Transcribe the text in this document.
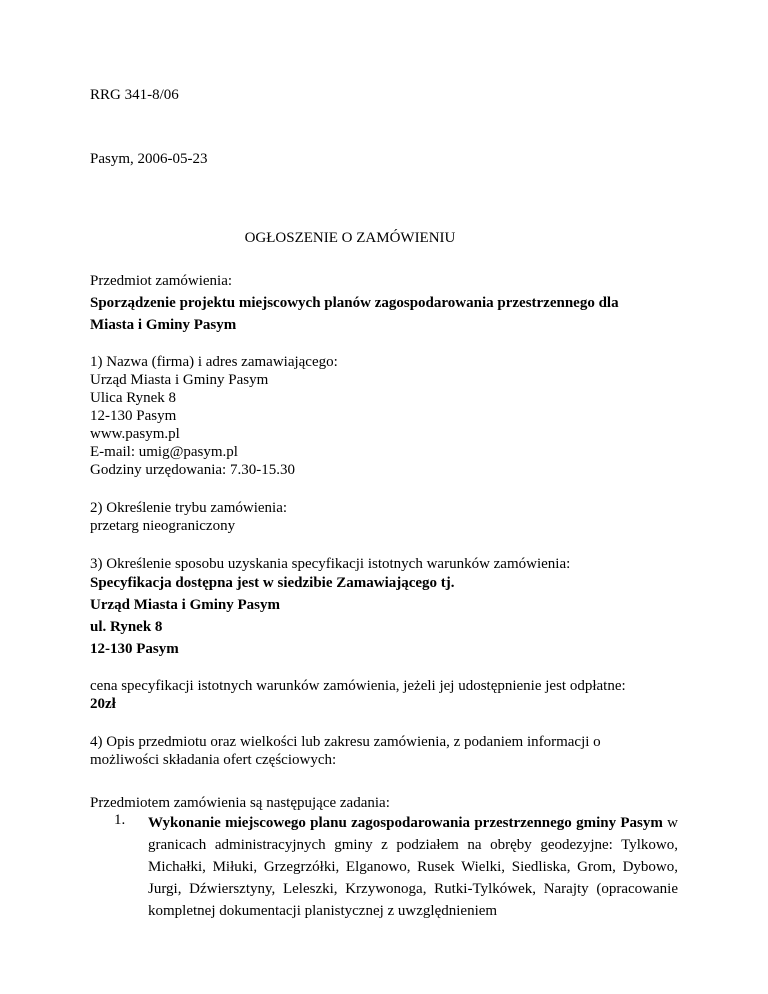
RRG 341-8/06
Pasym, 2006-05-23
OGŁOSZENIE O ZAMÓWIENIU
Przedmiot zamówienia:
Sporządzenie projektu miejscowych planów zagospodarowania przestrzennego dla
Miasta i Gminy Pasym
1) Nazwa (firma) i adres zamawiającego:
Urząd Miasta i Gminy Pasym
Ulica Rynek 8
12-130 Pasym
www.pasym.pl
E-mail: umig@pasym.pl
Godziny urzędowania: 7.30-15.30
2) Określenie trybu zamówienia:
przetarg nieograniczony
3) Określenie sposobu uzyskania specyfikacji istotnych warunków zamówienia:
Specyfikacja dostępna jest w siedzibie Zamawiającego tj.
Urząd Miasta i Gminy Pasym
ul. Rynek 8
12-130 Pasym
cena specyfikacji istotnych warunków zamówienia, jeżeli jej udostępnienie jest odpłatne:
20zł
4) Opis przedmiotu oraz wielkości lub zakresu zamówienia, z podaniem informacji o
możliwości składania ofert częściowych:
Przedmiotem zamówienia są następujące zadania:
1. Wykonanie miejscowego planu zagospodarowania przestrzennego gminy Pasym w granicach administracyjnych gminy z podziałem na obręby geodezyjne: Tylkowo, Michałki, Miłuki, Grzegrzółki, Elganowo, Rusek Wielki, Siedliska, Grom, Dybowo, Jurgi, Dźwiersztyny, Leleszki, Krzywonoga, Rutki-Tylkówek, Narajty (opracowanie kompletnej dokumentacji planistycznej z uwzględnieniem
